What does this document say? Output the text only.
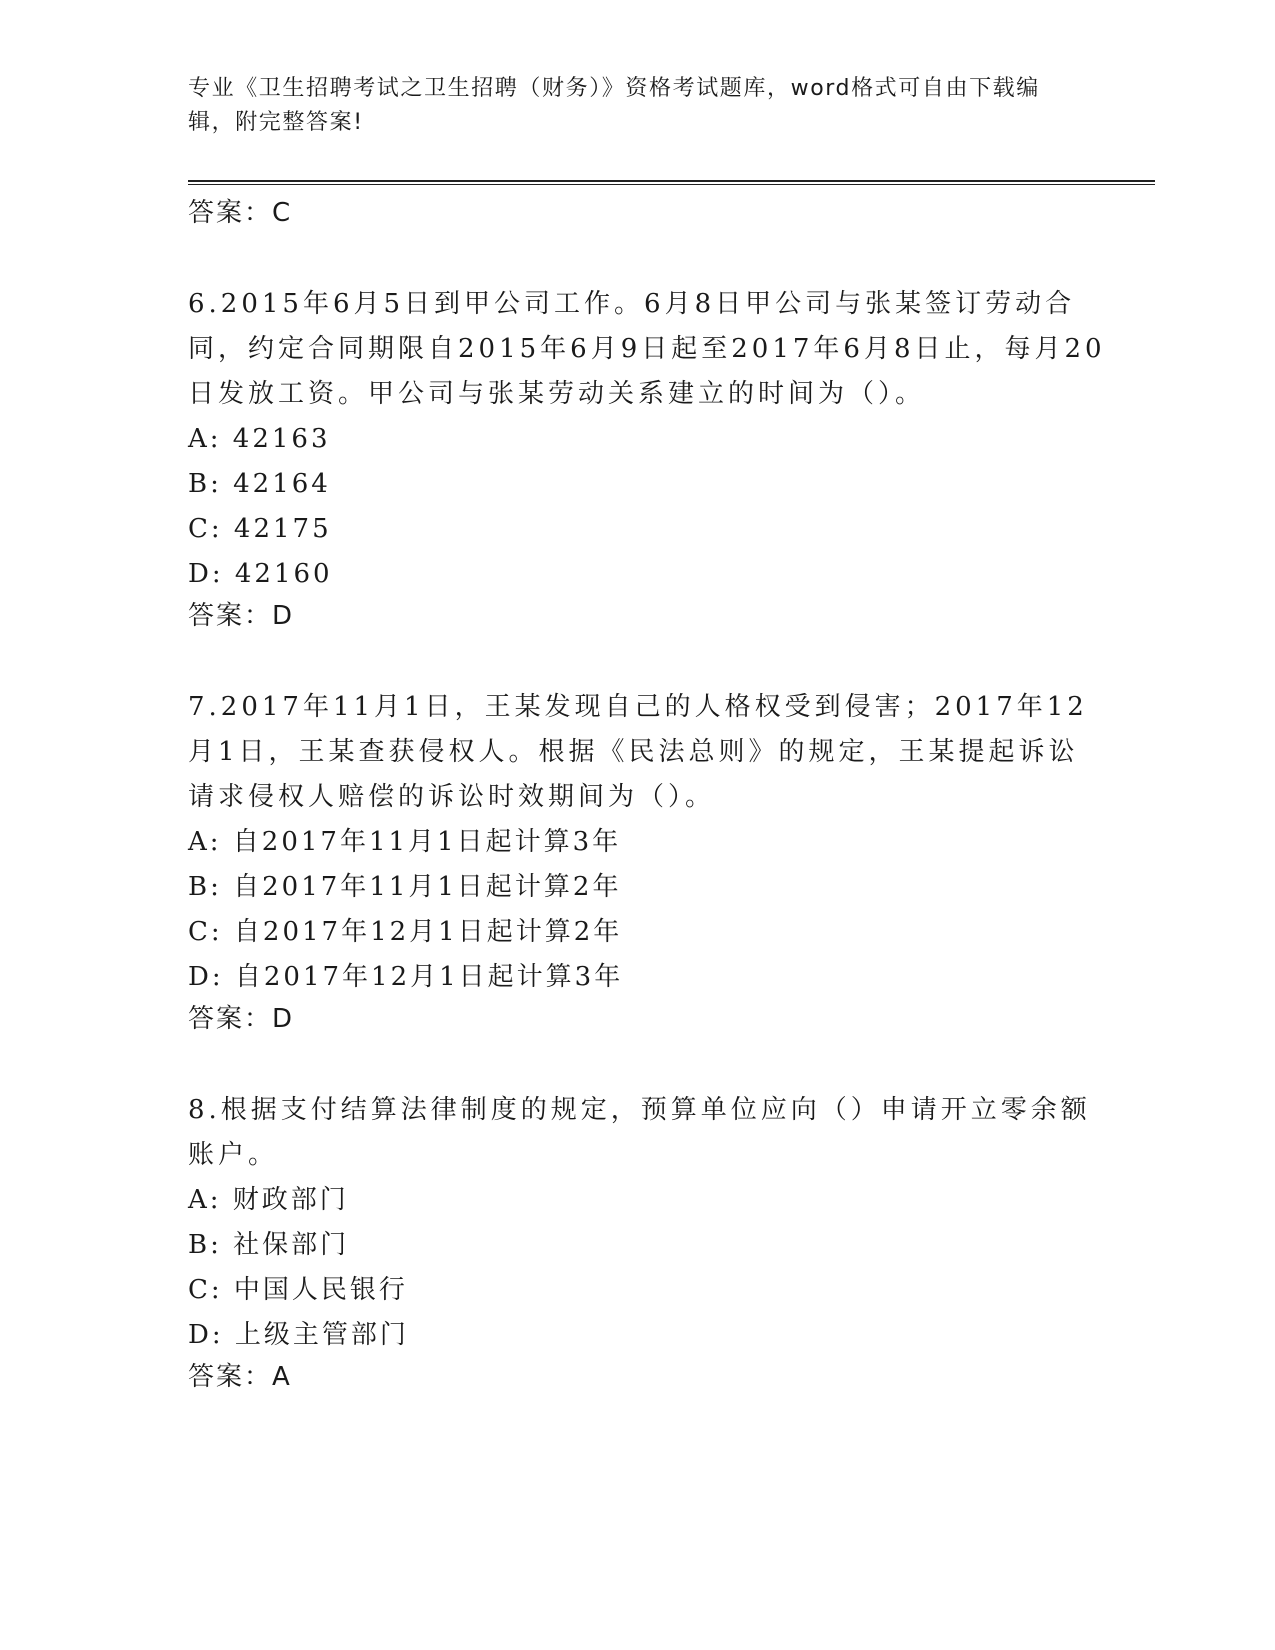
专业《卫生招聘考试之卫生招聘（财务）》资格考试题库，word格式可自由下载编辑，附完整答案!

答案：C

6.2015年6月5日到甲公司工作。6月8日甲公司与张某签订劳动合同，约定合同期限自2015年6月9日起至2017年6月8日止，每月20日发放工资。甲公司与张某劳动关系建立的时间为（）。

A: 42163

B: 42164

C: 42175

D: 42160

答案：D

7.2017年11月1日，王某发现自己的人格权受到侵害；2017年12月1日，王某查获侵权人。根据《民法总则》的规定，王某提起诉讼请求侵权人赔偿的诉讼时效期间为（）。

A: 自2017年11月1日起计算3年

B: 自2017年11月1日起计算2年

C: 自2017年12月1日起计算2年

D: 自2017年12月1日起计算3年

答案：D

8.根据支付结算法律制度的规定，预算单位应向（）申请开立零余额账户。

A: 财政部门

B: 社保部门

C: 中国人民银行

D: 上级主管部门

答案：A
